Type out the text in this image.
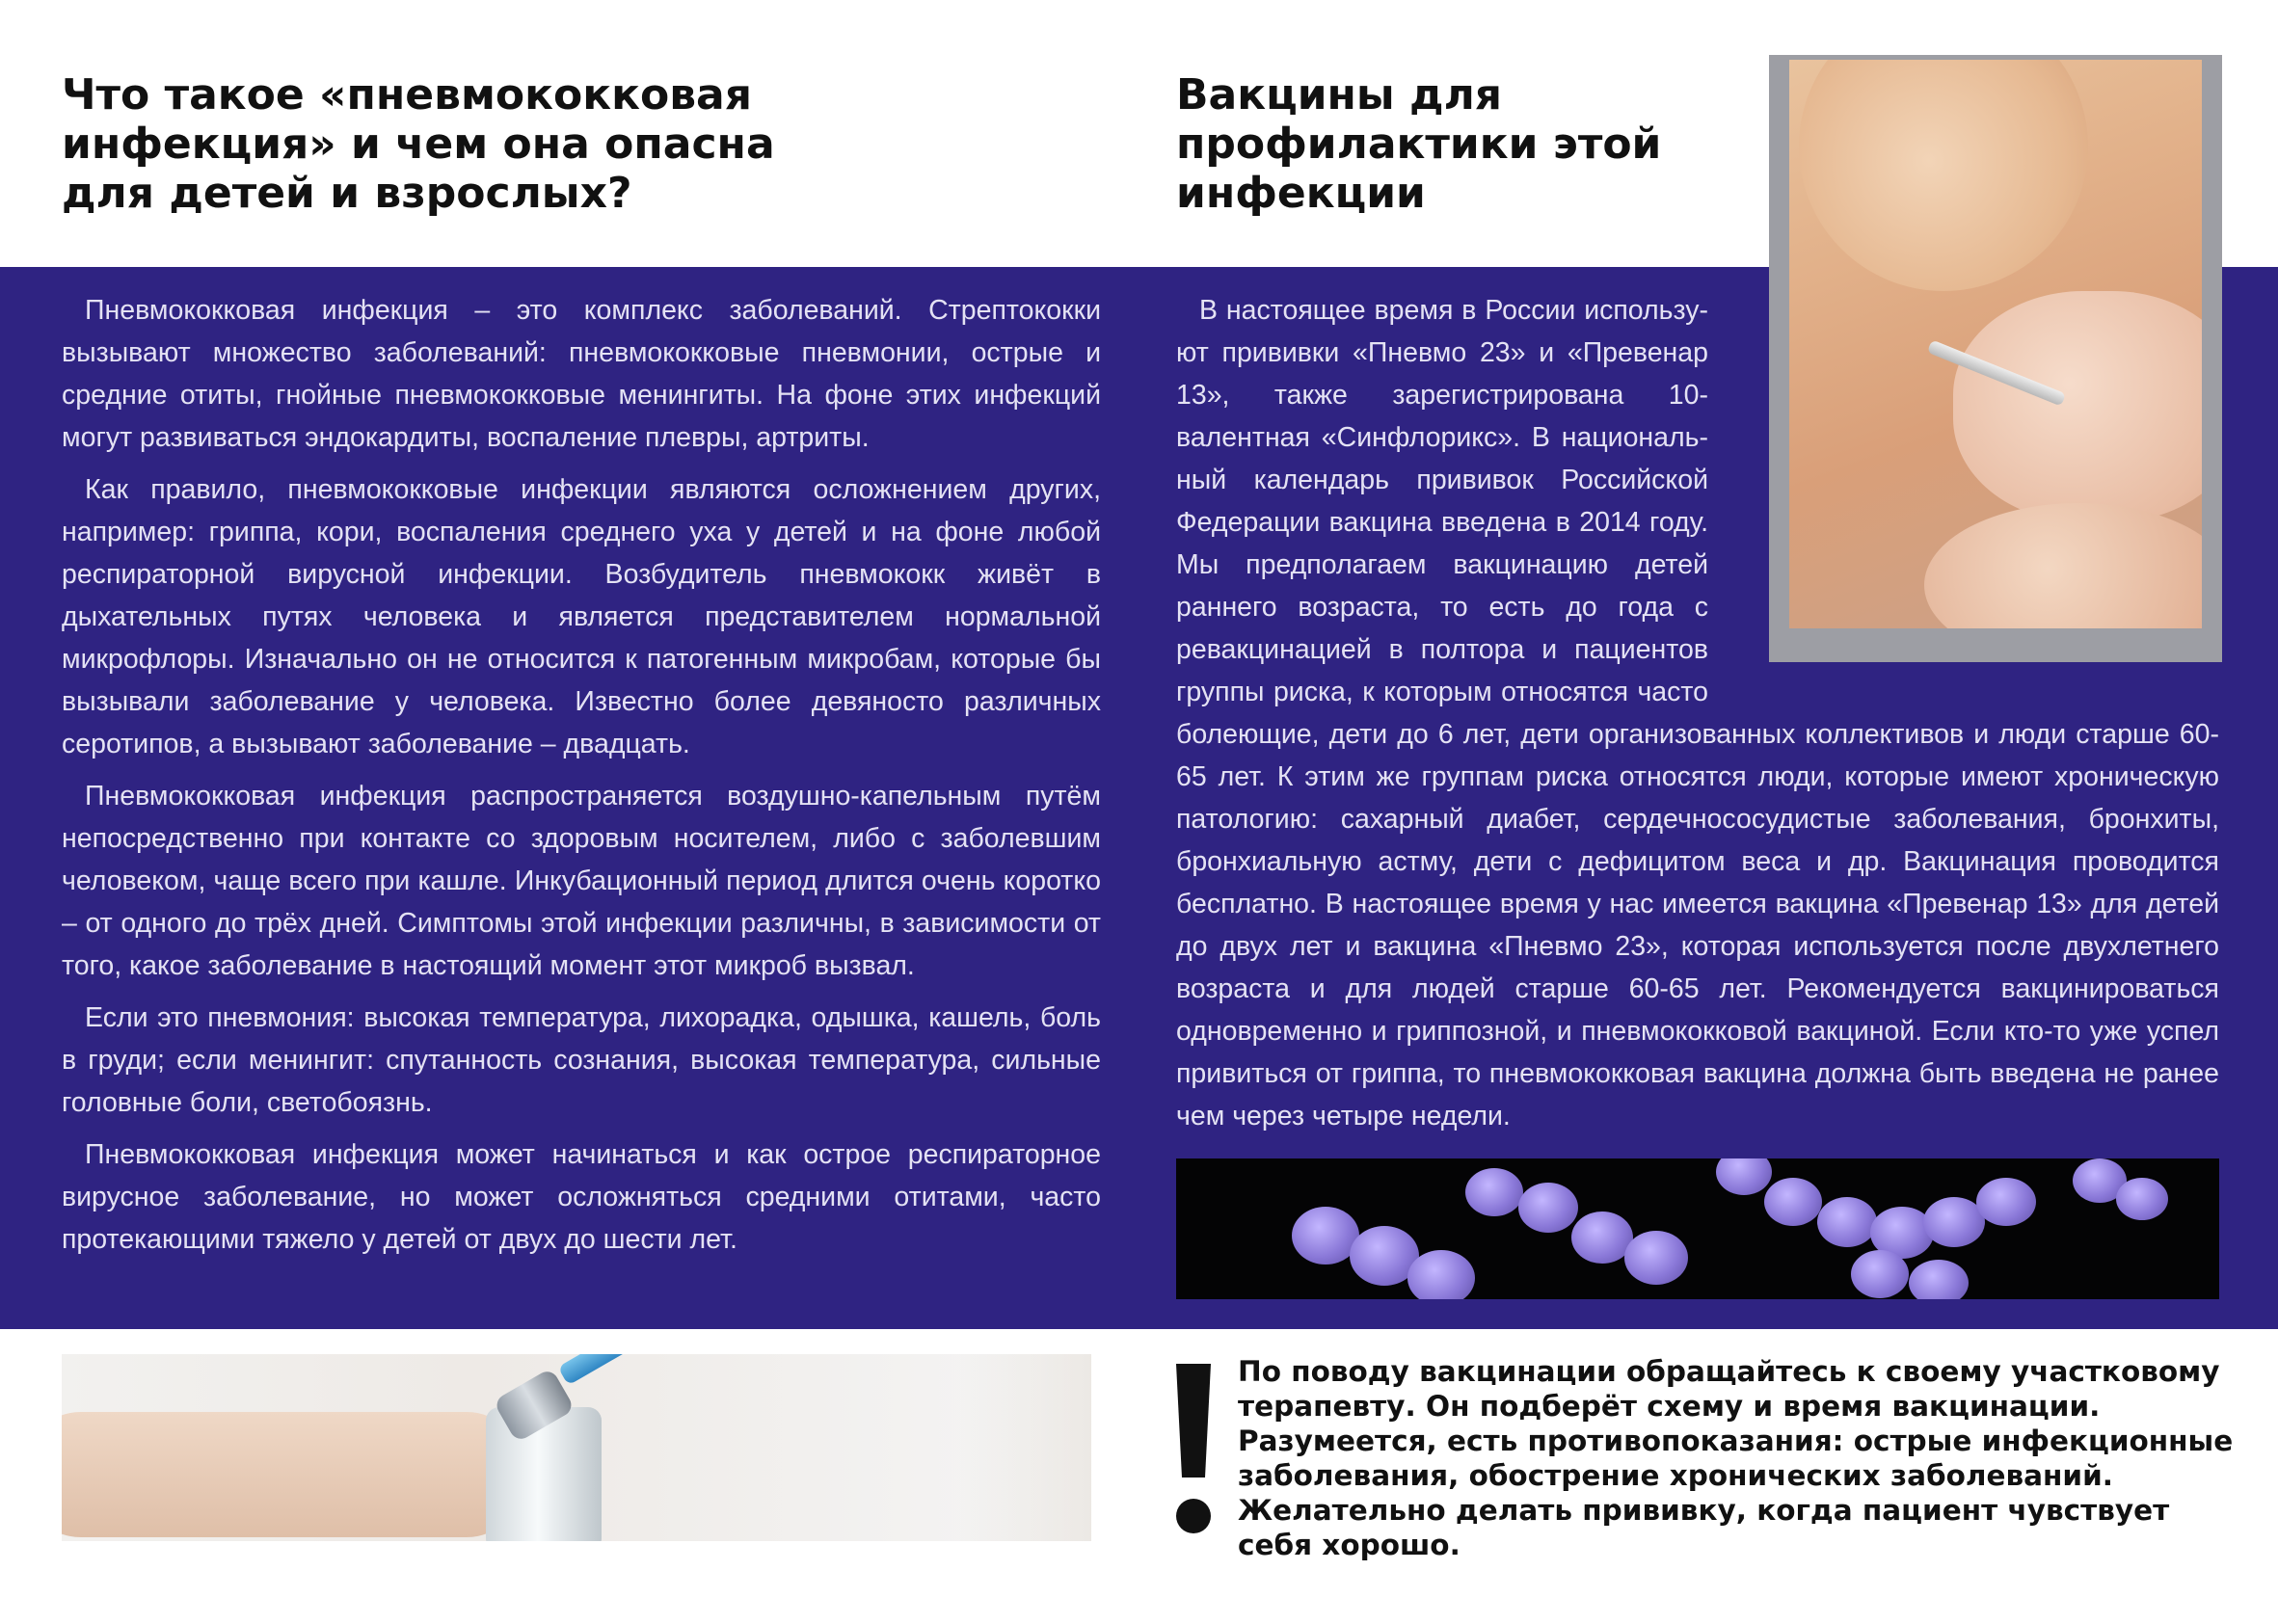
Что такое «пневмококковая
инфекция» и чем она опасна
для детей и взрослых?
Вакцины для
профилактики этой
инфекции

Пневмококковая инфекция – это комплекс заболеваний. Стрептококки вызывают множество заболеваний: пневмококковые пневмонии, острые и средние отиты, гнойные пневмококковые менингиты. На фоне этих инфекций могут развиваться эндокардиты, воспаление плевры, артриты.

Как правило, пневмококковые инфекции являются осложнением других, например: гриппа, кори, воспаления среднего уха у детей и на фоне любой респираторной вирусной инфекции. Возбудитель пневмококк живёт в дыхательных путях человека и является представителем нормальной микрофлоры. Изначально он не относится к патогенным микробам, которые бы вызывали заболевание у человека. Известно более девяносто различных серотипов, а вызывают заболевание – двадцать.

Пневмококковая инфекция распространяется воздушно-капельным путём непосредственно при контакте со здоровым носителем, либо с заболевшим человеком, чаще всего при кашле. Инкубационный период длится очень коротко – от одного до трёх дней. Симптомы этой инфекции различны, в зависимости от того, какое заболевание в настоящий момент этот микроб вызвал.

Если это пневмония: высокая температура, лихорадка, одышка, кашель, боль в груди; если менингит: спутанность сознания, высокая температура, сильные головные боли, светобоязнь.

Пневмококковая инфекция может начинаться и как острое респираторное вирусное заболевание, но может осложняться средними отитами, часто протекающими тяжело у детей от двух до шести лет.

В настоящее время в России используют прививки «Пневмо 23» и «Превенар 13», также зарегистрирована 10-валентная «Синфлорикс». В национальный календарь прививок Российской Федерации вакцина введена в 2014 году. Мы предполагаем вакцинацию детей раннего возраста, то есть до года с ревакцинацией в полтора и пациентов группы риска, к которым относятся часто болеющие, дети до 6 лет, дети организованных коллективов и люди старше 60-65 лет. К этим же группам риска относятся люди, которые имеют хроническую патологию: сахарный диабет, сердечнососудистые заболевания, бронхиты, бронхиальную астму, дети с дефицитом веса и др. Вакцинация проводится бесплатно. В настоящее время у нас имеется вакцина «Превенар 13» для детей до двух лет и вакцина «Пневмо 23», которая используется после двухлетнего возраста и для людей старше 60-65 лет. Рекомендуется вакцинироваться одновременно и гриппозной, и пневмококковой вакциной. Если кто-то уже успел привиться от гриппа, то пневмококковая вакцина должна быть введена не ранее чем через четыре недели.

По поводу вакцинации обращайтесь к своему участковому терапевту. Он подберёт схему и время вакцинации. Разумеется, есть противопоказания: острые инфекционные заболевания, обострение хронических заболеваний. Желательно делать прививку, когда пациент чувствует себя хорошо.
